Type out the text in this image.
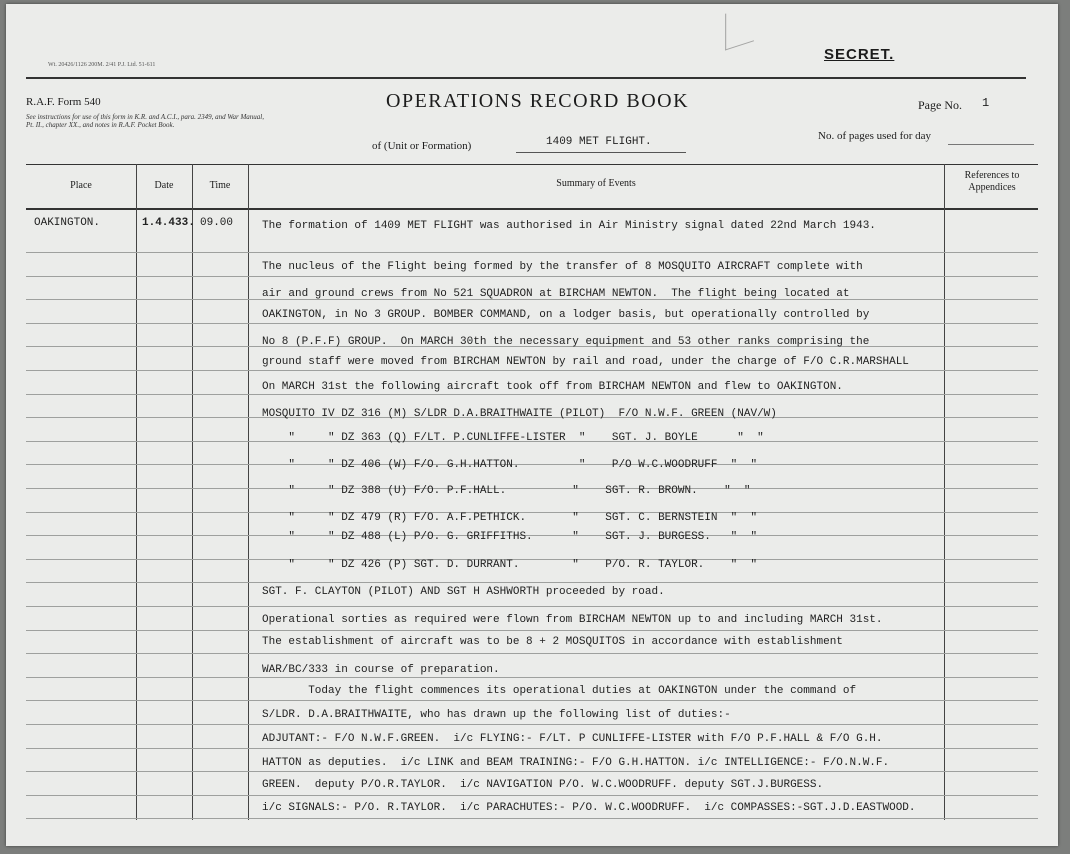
Wt. 20426/1126 200M. 2/41 P.J. Ltd. 51-611
SECRET.
R.A.F. Form 540
See instructions for use of this form in K.R. and A.C.I., para. 2349, and War Manual, Pt. II., chapter XX., and notes in R.A.F. Pocket Book.
OPERATIONS RECORD BOOK
of (Unit or Formation)	1409 MET FLIGHT.
Page No. 1
No. of pages used for day
Place	Date	Time	Summary of Events
References to Appendices
OAKINGTON.	1.4.433. 09.00	The formation of 1409 MET FLIGHT was authorised in Air Ministry signal dated 22nd March 1943.
The nucleus of the Flight being formed by the transfer of 8 MOSQUITO AIRCRAFT complete with
air and ground crews from No 521 SQUADRON at BIRCHAM NEWTON.  The flight being located at
OAKINGTON, in No 3 GROUP. BOMBER COMMAND, on a lodger basis, but operationally controlled by
No 8 (P.F.F) GROUP.  On MARCH 30th the necessary equipment and 53 other ranks comprising the
ground staff were moved from BIRCHAM NEWTON by rail and road, under the charge of F/O C.R.MARSHALL
On MARCH 31st the following aircraft took off from BIRCHAM NEWTON and flew to OAKINGTON.
MOSQUITO IV DZ 316 (M) S/LDR D.A.BRAITHWAITE (PILOT)  F/O N.W.F. GREEN (NAV/W)
"     " DZ 363 (Q) F/LT. P.CUNLIFFE-LISTER  "    SGT. J. BOYLE      "  "
"     " DZ 406 (W) F/O. G.H.HATTON.         "    P/O W.C.WOODRUFF  "  "
"     " DZ 388 (U) F/O. P.F.HALL.          "    SGT. R. BROWN.    "  "
"     " DZ 479 (R) F/O. A.F.PETHICK.       "    SGT. C. BERNSTEIN  "  "
"     " DZ 488 (L) P/O. G. GRIFFITHS.      "    SGT. J. BURGESS.   "  "
"     " DZ 426 (P) SGT. D. DURRANT.        "    P/O. R. TAYLOR.    "  "
SGT. F. CLAYTON (PILOT) AND SGT H ASHWORTH proceeded by road.
Operational sorties as required were flown from BIRCHAM NEWTON up to and including MARCH 31st.
The establishment of aircraft was to be 8 + 2 MOSQUITOS in accordance with establishment
WAR/BC/333 in course of preparation.
Today the flight commences its operational duties at OAKINGTON under the command of
S/LDR. D.A.BRAITHWAITE, who has drawn up the following list of duties:-
ADJUTANT:- F/O N.W.F.GREEN.  i/c FLYING:- F/LT. P CUNLIFFE-LISTER with F/O P.F.HALL & F/O G.H.
HATTON as deputies.  i/c LINK and BEAM TRAINING:- F/O G.H.HATTON. i/c INTELLIGENCE:- F/O.N.W.F.
GREEN.  deputy P/O.R.TAYLOR.  i/c NAVIGATION P/O. W.C.WOODRUFF. deputy SGT.J.BURGESS.
i/c SIGNALS:- P/O. R.TAYLOR.  i/c PARACHUTES:- P/O. W.C.WOODRUFF.  i/c COMPASSES:-SGT.J.D.EASTWOOD.
